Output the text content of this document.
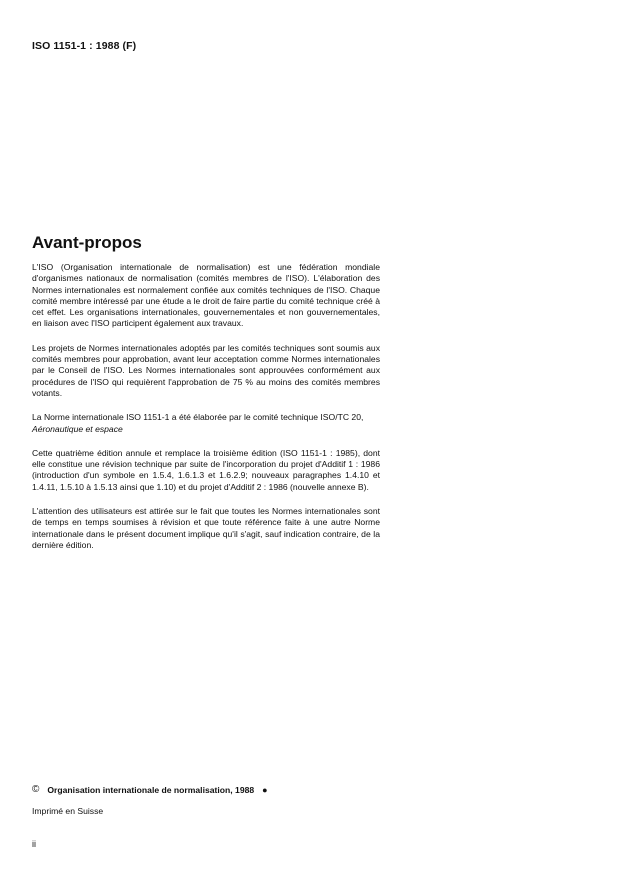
ISO 1151-1 : 1988 (F)
Avant-propos

L'ISO (Organisation internationale de normalisation) est une fédération mondiale d'organismes nationaux de normalisation (comités membres de l'ISO). L'élaboration des Normes internationales est normalement confiée aux comités techniques de l'ISO. Chaque comité membre intéressé par une étude a le droit de faire partie du comité technique créé à cet effet. Les organisations internationales, gouvernementales et non gouvernementales, en liaison avec l'ISO participent également aux travaux.

Les projets de Normes internationales adoptés par les comités techniques sont soumis aux comités membres pour approbation, avant leur acceptation comme Normes internationales par le Conseil de l'ISO. Les Normes internationales sont approuvées conformément aux procédures de l'ISO qui requièrent l'approbation de 75 % au moins des comités membres votants.

La Norme internationale ISO 1151-1 a été élaborée par le comité technique ISO/TC 20,
Aéronautique et espace

Cette quatrième édition annule et remplace la troisième édition (ISO 1151-1 : 1985), dont elle constitue une révision technique par suite de l'incorporation du projet d'Additif 1 : 1986 (introduction d'un symbole en 1.5.4, 1.6.1.3 et 1.6.2.9; nouveaux paragraphes 1.4.10 et 1.4.11, 1.5.10 à 1.5.13 ainsi que 1.10) et du projet d'Additif 2 : 1986 (nouvelle annexe B).

L'attention des utilisateurs est attirée sur le fait que toutes les Normes internationales sont de temps en temps soumises à révision et que toute référence faite à une autre Norme internationale dans le présent document implique qu'il s'agit, sauf indication contraire, de la dernière édition.

© Organisation internationale de normalisation, 1988 ●
Imprimé en Suisse
ii
